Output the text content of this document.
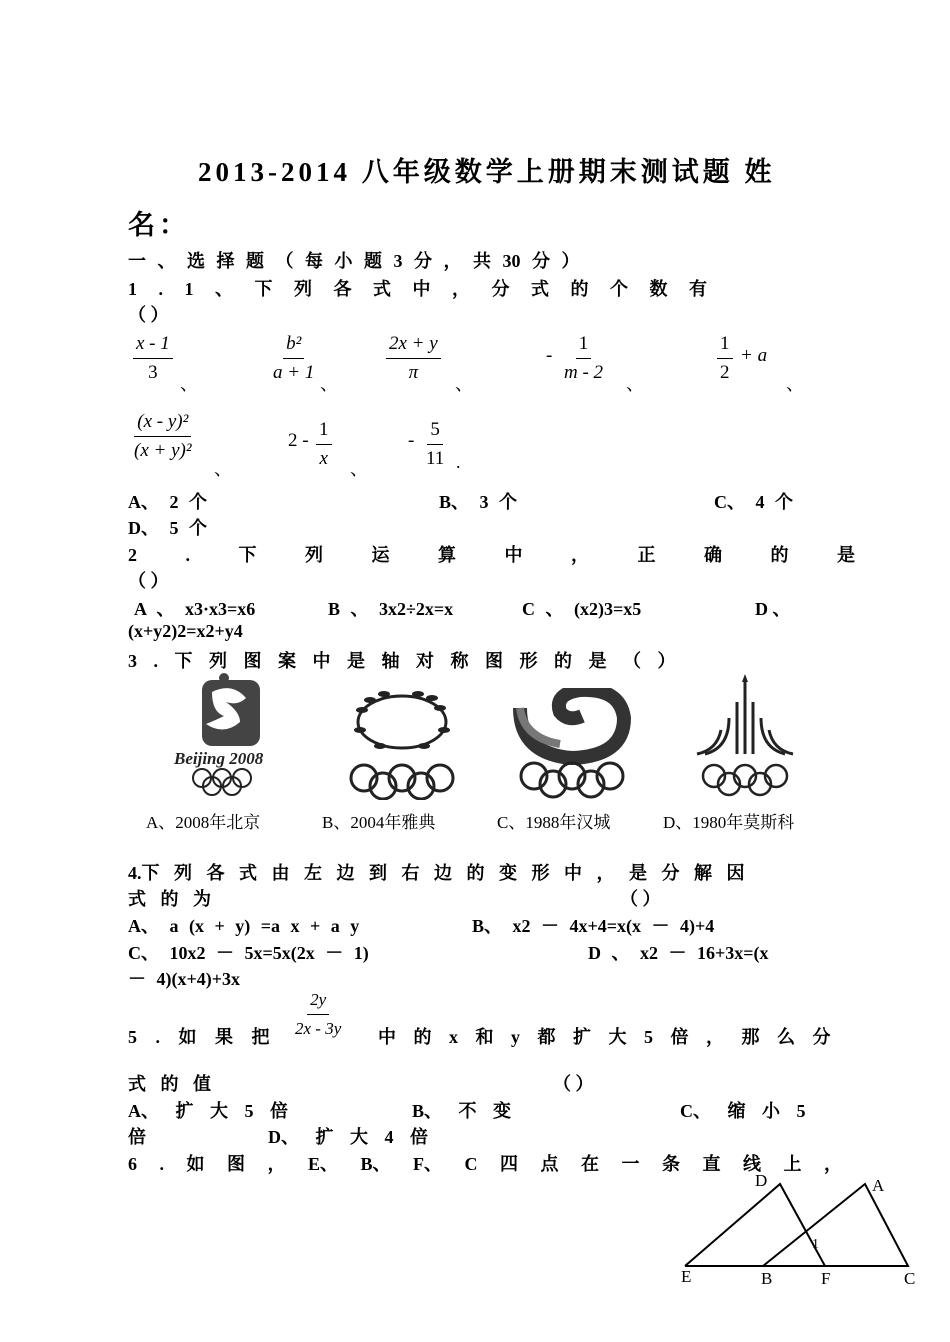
2013-2014 八年级数学上册期末测试题 姓
名：
一 、 选 择 题 （ 每 小 题 3 分 ， 共 30 分 ）
1 . 1 、 下 列 各 式 中 ， 分 式 的 个 数 有
（ ）
$\frac{x - 1}{3}$ 、	$\frac{\text{b²}}{a + 1}$ 、	$\frac{2x + y}{\pi}$ 、
- $\frac{1}{m - 2}$ 、	$\frac{1}{2} + a$
、
$\frac{\text{(x - y)²}}{\text{(x + y)²}}$
、
$2 - \frac{1}{x}$ 、
- $\frac{5}{11}$ .
A、 2 个	B、 3 个	C、 4 个
D、 5 个
2 . 下 列 运 算 中 ， 正 确 的 是
（ ）
A 、 x3·x3=x6	B 、 3x2÷2x=x	C 、 (x2)3=x5	D 、
(x+y2)2=x2+y4
3 . 下 列 图 案 中 是 轴 对 称 图 形 的 是 （ ）
Beijing 2008
A、2008年北京	B、2004年雅典	C、1988年汉城	D、1980年莫斯科
4.下 列 各 式 由 左 边 到 右 边 的 变 形 中 ， 是 分 解 因
式 的 为	（ ）
A、 a (x + y) =a x + a y	B、 x2 － 4x+4=x(x － 4)+4
C、 10x2 － 5x=5x(2x － 1)	D 、 x2 － 16+3x=(x
－ 4)(x+4)+3x
5 . 如 果 把 $\frac{2y}{2x - 3y}$ 中 的 x 和 y 都 扩 大 5 倍 ， 那 么 分
式 的 值	（ ）
A、 扩 大 5 倍	B、 不 变	C、 缩 小 5
倍	D、 扩 大 4 倍
6 . 如 图 ， E、 B、 F、 C 四 点 在 一 条 直 线 上 ，
D	A
E	B	F	C
1
